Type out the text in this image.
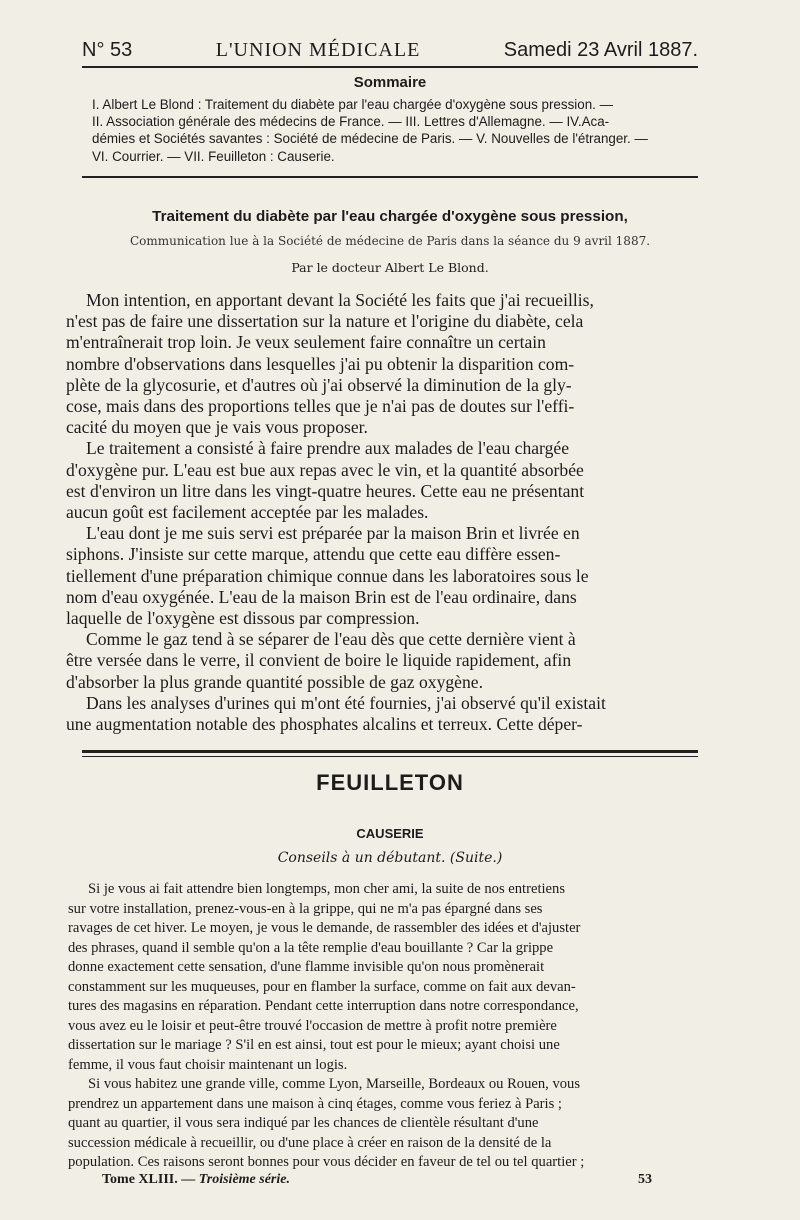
N° 53	L'UNION MÉDICALE	Samedi 23 Avril 1887.
Sommaire
I. Albert Le Blond : Traitement du diabète par l'eau chargée d'oxygène sous pression. —
II. Association générale des médecins de France. — III. Lettres d'Allemagne. — IV.Aca-
démies et Sociétés savantes : Société de médecine de Paris. — V. Nouvelles de l'étranger. —
VI. Courrier. — VII. Feuilleton : Causerie.
Traitement du diabète par l'eau chargée d'oxygène sous pression,
Communication lue à la Société de médecine de Paris dans la séance du 9 avril 1887.
Par le docteur Albert Le Blond.
Mon intention, en apportant devant la Société les faits que j'ai recueillis,
n'est pas de faire une dissertation sur la nature et l'origine du diabète, cela
m'entraînerait trop loin. Je veux seulement faire connaître un certain
nombre d'observations dans lesquelles j'ai pu obtenir la disparition com-
plète de la glycosurie, et d'autres où j'ai observé la diminution de la gly-
cose, mais dans des proportions telles que je n'ai pas de doutes sur l'effi-
cacité du moyen que je vais vous proposer.
Le traitement a consisté à faire prendre aux malades de l'eau chargée
d'oxygène pur. L'eau est bue aux repas avec le vin, et la quantité absorbée
est d'environ un litre dans les vingt-quatre heures. Cette eau ne présentant
aucun goût est facilement acceptée par les malades.
L'eau dont je me suis servi est préparée par la maison Brin et livrée en
siphons. J'insiste sur cette marque, attendu que cette eau diffère essen-
tiellement d'une préparation chimique connue dans les laboratoires sous le
nom d'eau oxygénée. L'eau de la maison Brin est de l'eau ordinaire, dans
laquelle de l'oxygène est dissous par compression.
Comme le gaz tend à se séparer de l'eau dès que cette dernière vient à
être versée dans le verre, il convient de boire le liquide rapidement, afin
d'absorber la plus grande quantité possible de gaz oxygène.
Dans les analyses d'urines qui m'ont été fournies, j'ai observé qu'il existait
une augmentation notable des phosphates alcalins et terreux. Cette déper-
FEUILLETON
CAUSERIE
Conseils à un débutant. (Suite.)
Si je vous ai fait attendre bien longtemps, mon cher ami, la suite de nos entretiens
sur votre installation, prenez-vous-en à la grippe, qui ne m'a pas épargné dans ses
ravages de cet hiver. Le moyen, je vous le demande, de rassembler des idées et d'ajuster
des phrases, quand il semble qu'on a la tête remplie d'eau bouillante ? Car la grippe
donne exactement cette sensation, d'une flamme invisible qu'on nous promènerait
constamment sur les muqueuses, pour en flamber la surface, comme on fait aux devan-
tures des magasins en réparation. Pendant cette interruption dans notre correspondance,
vous avez eu le loisir et peut-être trouvé l'occasion de mettre à profit notre première
dissertation sur le mariage ? S'il en est ainsi, tout est pour le mieux; ayant choisi une
femme, il vous faut choisir maintenant un logis.
Si vous habitez une grande ville, comme Lyon, Marseille, Bordeaux ou Rouen, vous
prendrez un appartement dans une maison à cinq étages, comme vous feriez à Paris ;
quant au quartier, il vous sera indiqué par les chances de clientèle résultant d'une
succession médicale à recueillir, ou d'une place à créer en raison de la densité de la
population. Ces raisons seront bonnes pour vous décider en faveur de tel ou tel quartier ;
Tome XLIII. — Troisième série.	53
